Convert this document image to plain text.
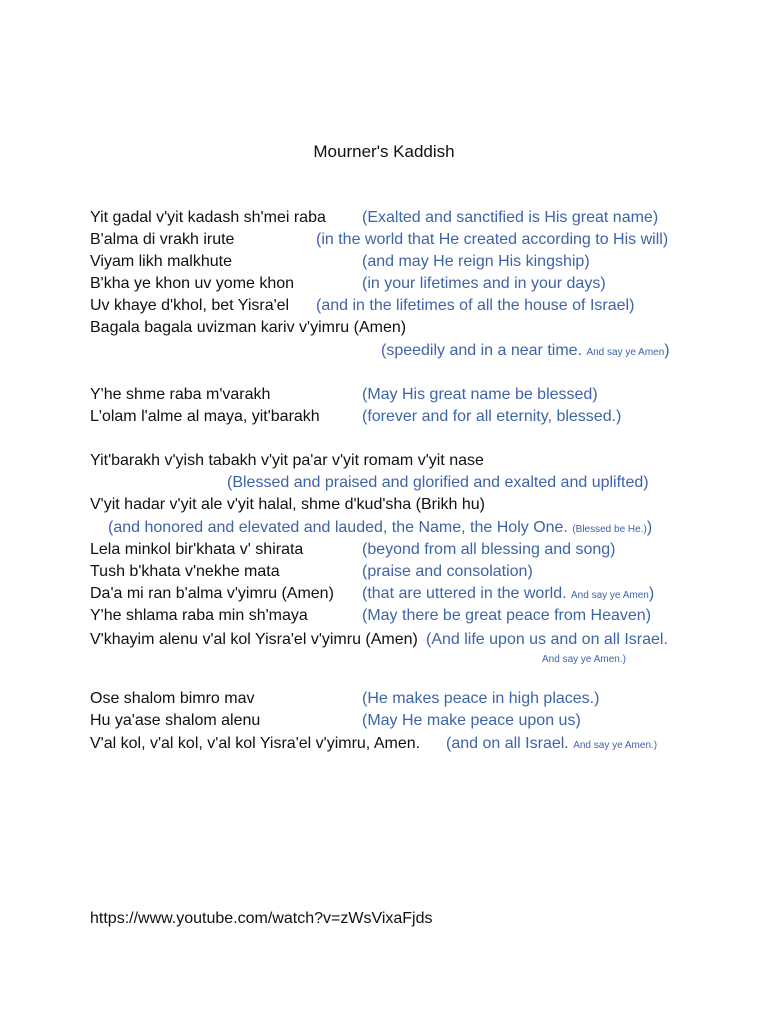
Mourner's Kaddish
Yit gadal v'yit kadash sh'mei raba (Exalted and sanctified is His great name)
B'alma di vrakh irute	(in the world that He created according to His will)
Viyam likh malkhute	(and may He reign His kingship)
B'kha ye khon uv yome khon	(in your lifetimes and in your days)
Uv khaye d'khol, bet Yisra'el (and in the lifetimes of all the house of Israel)
Bagala bagala uvizman kariv v'yimru (Amen)
(speedily and in a near time. And say ye Amen)
Y'he shme raba m'varakh	(May His great name be blessed)
L'olam l'alme al maya, yit'barakh	(forever and for all eternity, blessed.)
Yit'barakh v'yish tabakh v'yit pa'ar v'yit romam v'yit nase
(Blessed and praised and glorified and exalted and uplifted)
V'yit hadar v'yit ale v'yit halal, shme d'kud'sha (Brikh hu)
(and honored and elevated and lauded, the Name, the Holy One. (Blessed be He.))
Lela minkol bir'khata v' shirata	(beyond from all blessing and song)
Tush b'khata v'nekhe mata	(praise and consolation)
Da'a mi ran b'alma v'yimru (Amen) (that are uttered in the world. And say ye Amen)
Y'he shlama raba min sh'maya	(May there be great peace from Heaven)
V'khayim alenu v'al kol Yisra'el v'yimru (Amen) (And life upon us and on all Israel.
And say ye Amen.)
Ose shalom bimro mav	(He makes peace in high places.)
Hu ya'ase shalom alenu	(May He make peace upon us)
V'al kol, v'al kol, v'al kol Yisra'el v'yimru, Amen. (and on all Israel. And say ye Amen.)
https://www.youtube.com/watch?v=zWsVixaFjds
